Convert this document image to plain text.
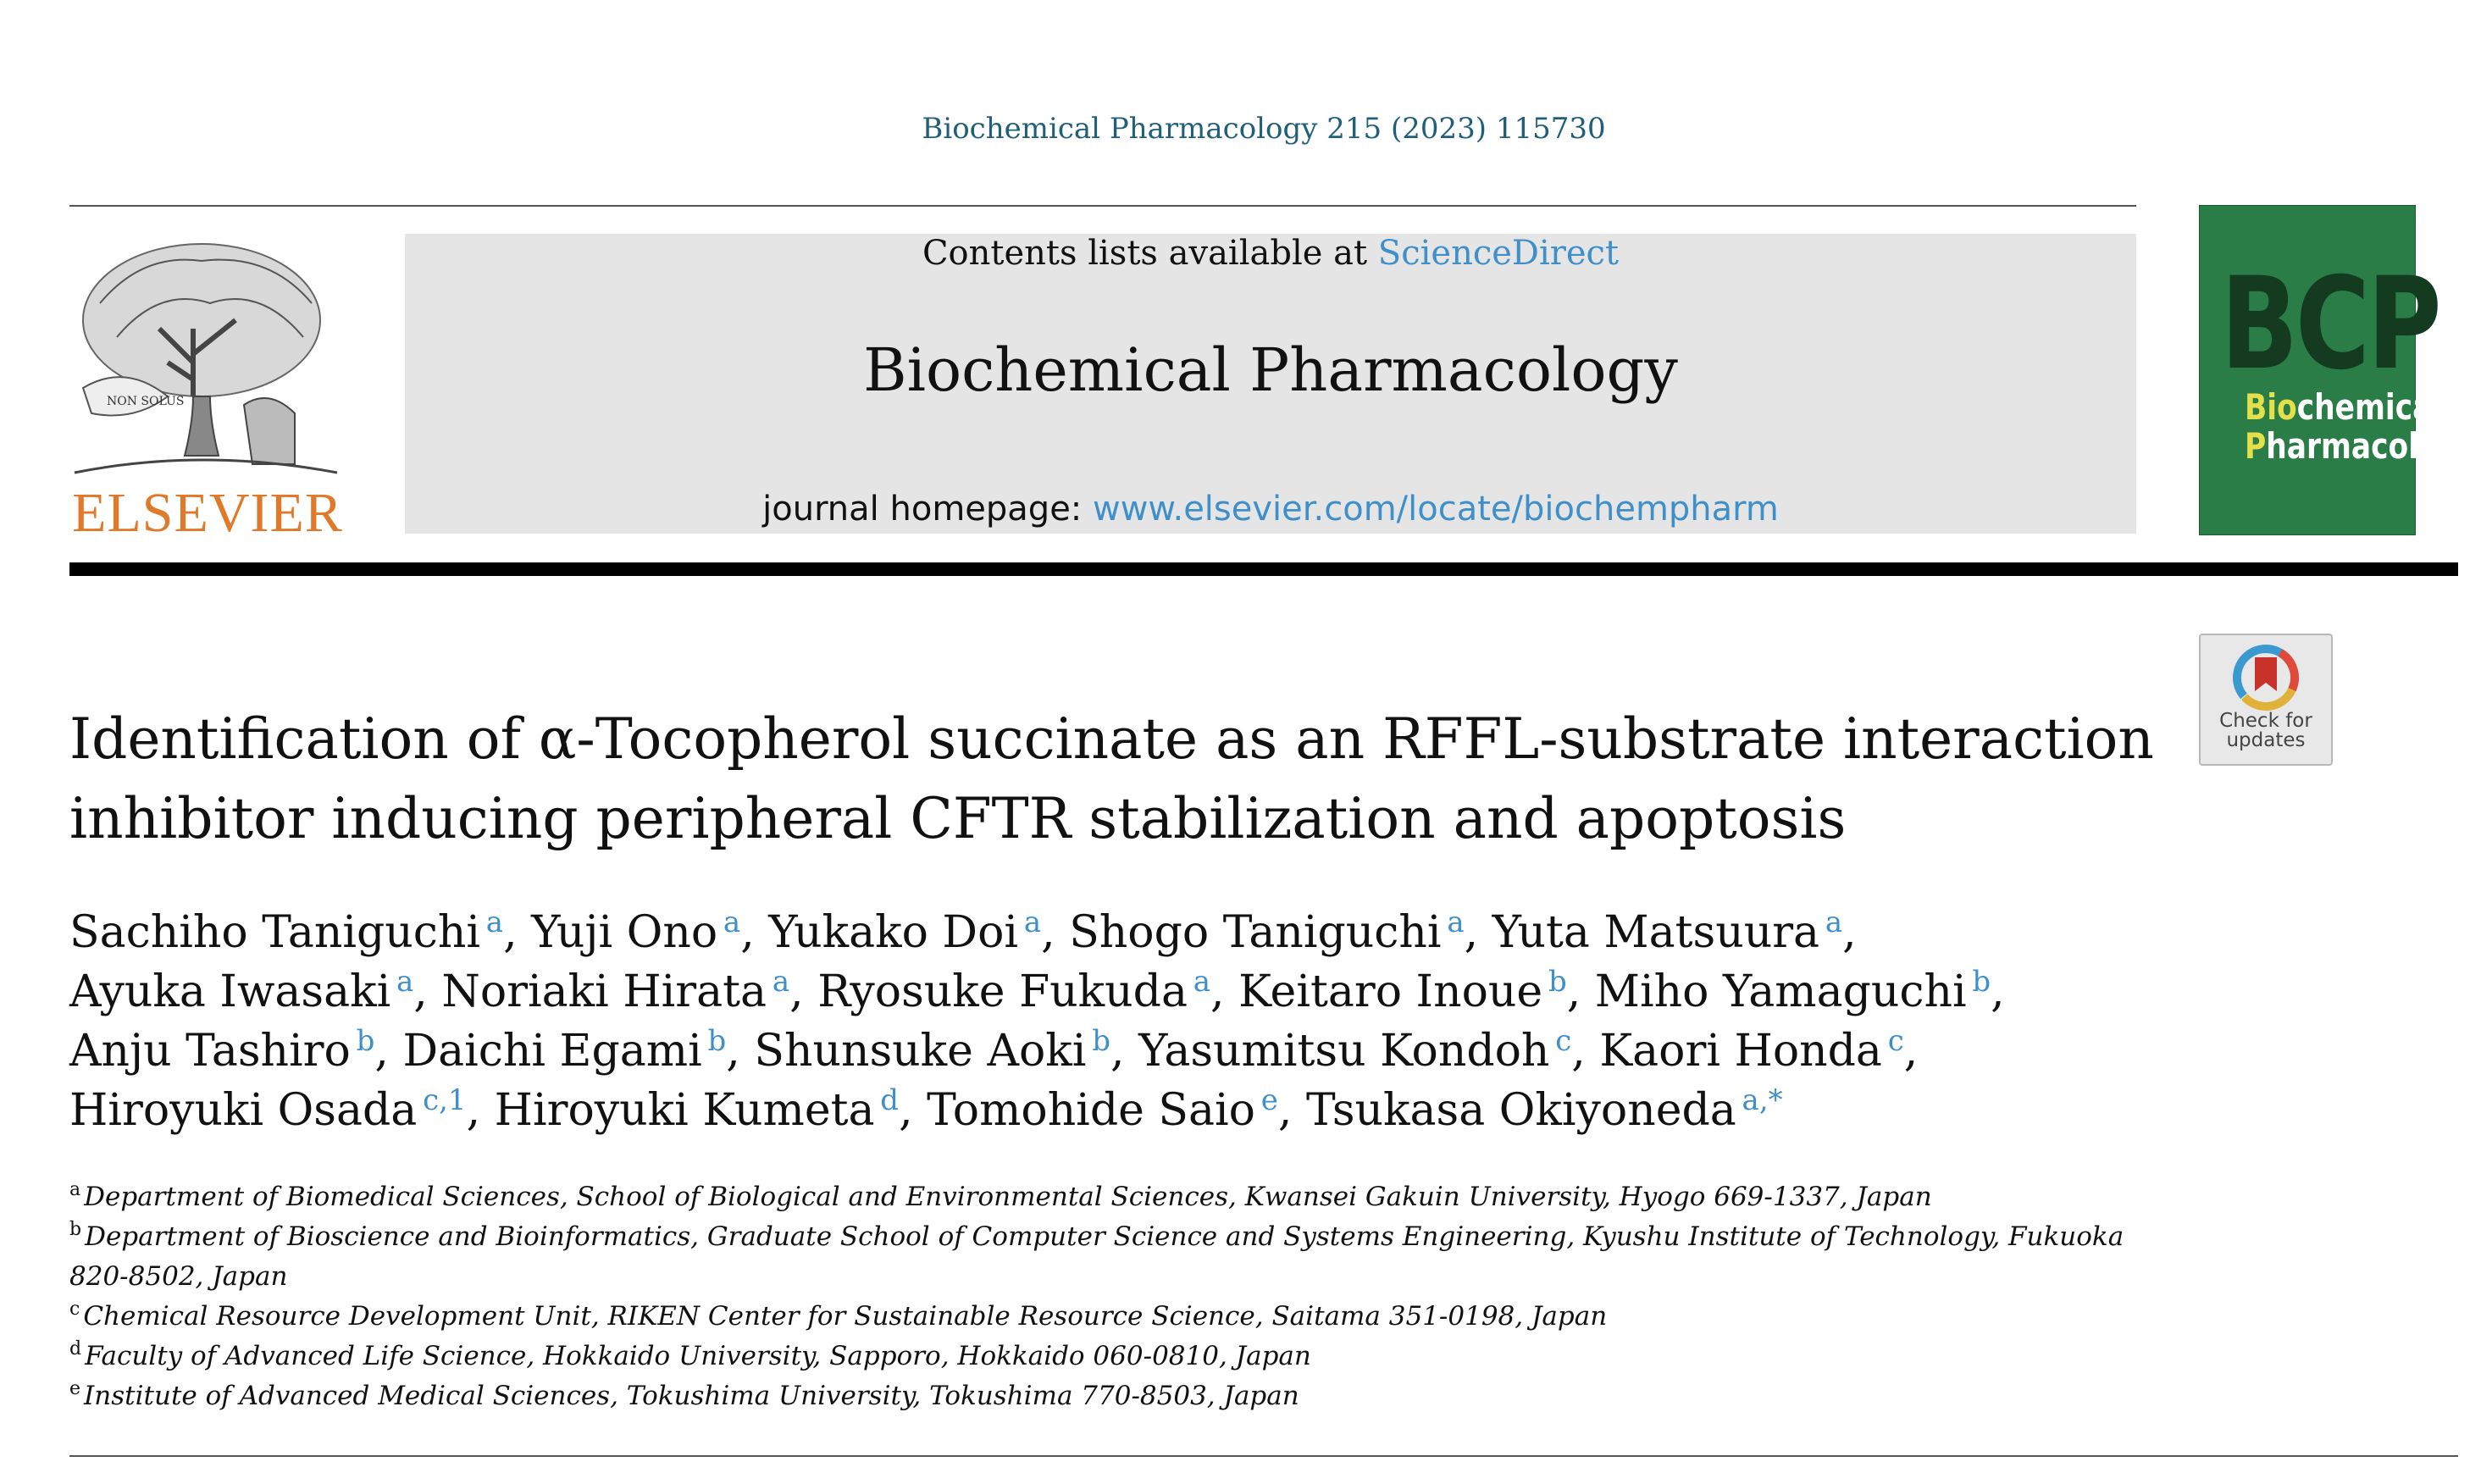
Biochemical Pharmacology 215 (2023) 115730
NON SOLUS
ELSEVIER
Contents lists available at ScienceDirect
Biochemical Pharmacology
journal homepage: www.elsevier.com/locate/biochempharm
BCP
Biochemical
Pharmacology
Check for
updates
Identification of α-Tocopherol succinate as an RFFL-substrate interaction inhibitor inducing peripheral CFTR stabilization and apoptosis
Sachiho Taniguchi $^a$, Yuji Ono $^a$, Yukako Doi $^a$, Shogo Taniguchi $^a$, Yuta Matsuura $^a$,
Ayuka Iwasaki $^a$, Noriaki Hirata $^a$, Ryosuke Fukuda $^a$, Keitaro Inoue $^b$, Miho Yamaguchi $^b$,
Anju Tashiro $^b$, Daichi Egami $^b$, Shunsuke Aoki $^b$, Yasumitsu Kondoh $^c$, Kaori Honda $^c$,
Hiroyuki Osada $^{c,1}$, Hiroyuki Kumeta $^d$, Tomohide Saio $^e$, Tsukasa Okiyoneda $^{a,*}$
$^a$ Department of Biomedical Sciences, School of Biological and Environmental Sciences, Kwansei Gakuin University, Hyogo 669-1337, Japan
$^b$ Department of Bioscience and Bioinformatics, Graduate School of Computer Science and Systems Engineering, Kyushu Institute of Technology, Fukuoka 820-8502, Japan
$^c$ Chemical Resource Development Unit, RIKEN Center for Sustainable Resource Science, Saitama 351-0198, Japan
$^d$ Faculty of Advanced Life Science, Hokkaido University, Sapporo, Hokkaido 060-0810, Japan
$^e$ Institute of Advanced Medical Sciences, Tokushima University, Tokushima 770-8503, Japan
